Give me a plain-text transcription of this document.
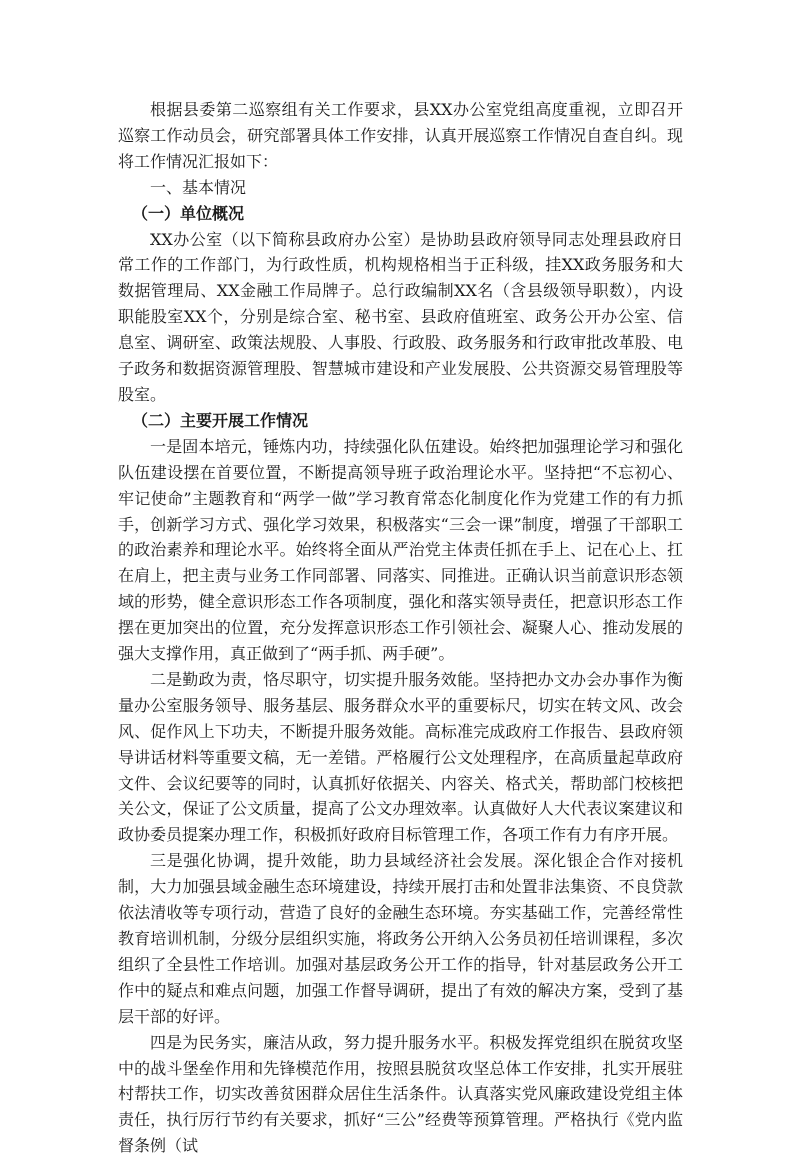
根据县委第二巡察组有关工作要求，县XX办公室党组高度重视，立即召开巡察工作动员会，研究部署具体工作安排，认真开展巡察工作情况自查自纠。现将工作情况汇报如下：

一、基本情况

（一）单位概况

XX办公室（以下简称县政府办公室）是协助县政府领导同志处理县政府日常工作的工作部门，为行政性质，机构规格相当于正科级，挂XX政务服务和大数据管理局、XX金融工作局牌子。总行政编制XX名（含县级领导职数），内设职能股室XX个，分别是综合室、秘书室、县政府值班室、政务公开办公室、信息室、调研室、政策法规股、人事股、行政股、政务服务和行政审批改革股、电子政务和数据资源管理股、智慧城市建设和产业发展股、公共资源交易管理股等股室。

（二）主要开展工作情况

一是固本培元，锤炼内功，持续强化队伍建设。始终把加强理论学习和强化队伍建设摆在首要位置，不断提高领导班子政治理论水平。坚持把“不忘初心、牢记使命”主题教育和“两学一做”学习教育常态化制度化作为党建工作的有力抓手，创新学习方式、强化学习效果，积极落实“三会一课”制度，增强了干部职工的政治素养和理论水平。始终将全面从严治党主体责任抓在手上、记在心上、扛在肩上，把主责与业务工作同部署、同落实、同推进。正确认识当前意识形态领域的形势，健全意识形态工作各项制度，强化和落实领导责任，把意识形态工作摆在更加突出的位置，充分发挥意识形态工作引领社会、凝聚人心、推动发展的强大支撑作用，真正做到了“两手抓、两手硬”。

二是勤政为责，恪尽职守，切实提升服务效能。坚持把办文办会办事作为衡量办公室服务领导、服务基层、服务群众水平的重要标尺，切实在转文风、改会风、促作风上下功夫，不断提升服务效能。高标准完成政府工作报告、县政府领导讲话材料等重要文稿，无一差错。严格履行公文处理程序，在高质量起草政府文件、会议纪要等的同时，认真抓好依据关、内容关、格式关，帮助部门校核把关公文，保证了公文质量，提高了公文办理效率。认真做好人大代表议案建议和政协委员提案办理工作，积极抓好政府目标管理工作，各项工作有力有序开展。

三是强化协调，提升效能，助力县域经济社会发展。深化银企合作对接机制，大力加强县域金融生态环境建设，持续开展打击和处置非法集资、不良贷款依法清收等专项行动，营造了良好的金融生态环境。夯实基础工作，完善经常性教育培训机制，分级分层组织实施，将政务公开纳入公务员初任培训课程，多次组织了全县性工作培训。加强对基层政务公开工作的指导，针对基层政务公开工作中的疑点和难点问题，加强工作督导调研，提出了有效的解决方案，受到了基层干部的好评。

四是为民务实，廉洁从政，努力提升服务水平。积极发挥党组织在脱贫攻坚中的战斗堡垒作用和先锋模范作用，按照县脱贫攻坚总体工作安排，扎实开展驻村帮扶工作，切实改善贫困群众居住生活条件。认真落实党风廉政建设党组主体责任，执行厉行节约有关要求，抓好“三公”经费等预算管理。严格执行《党内监督条例（试
